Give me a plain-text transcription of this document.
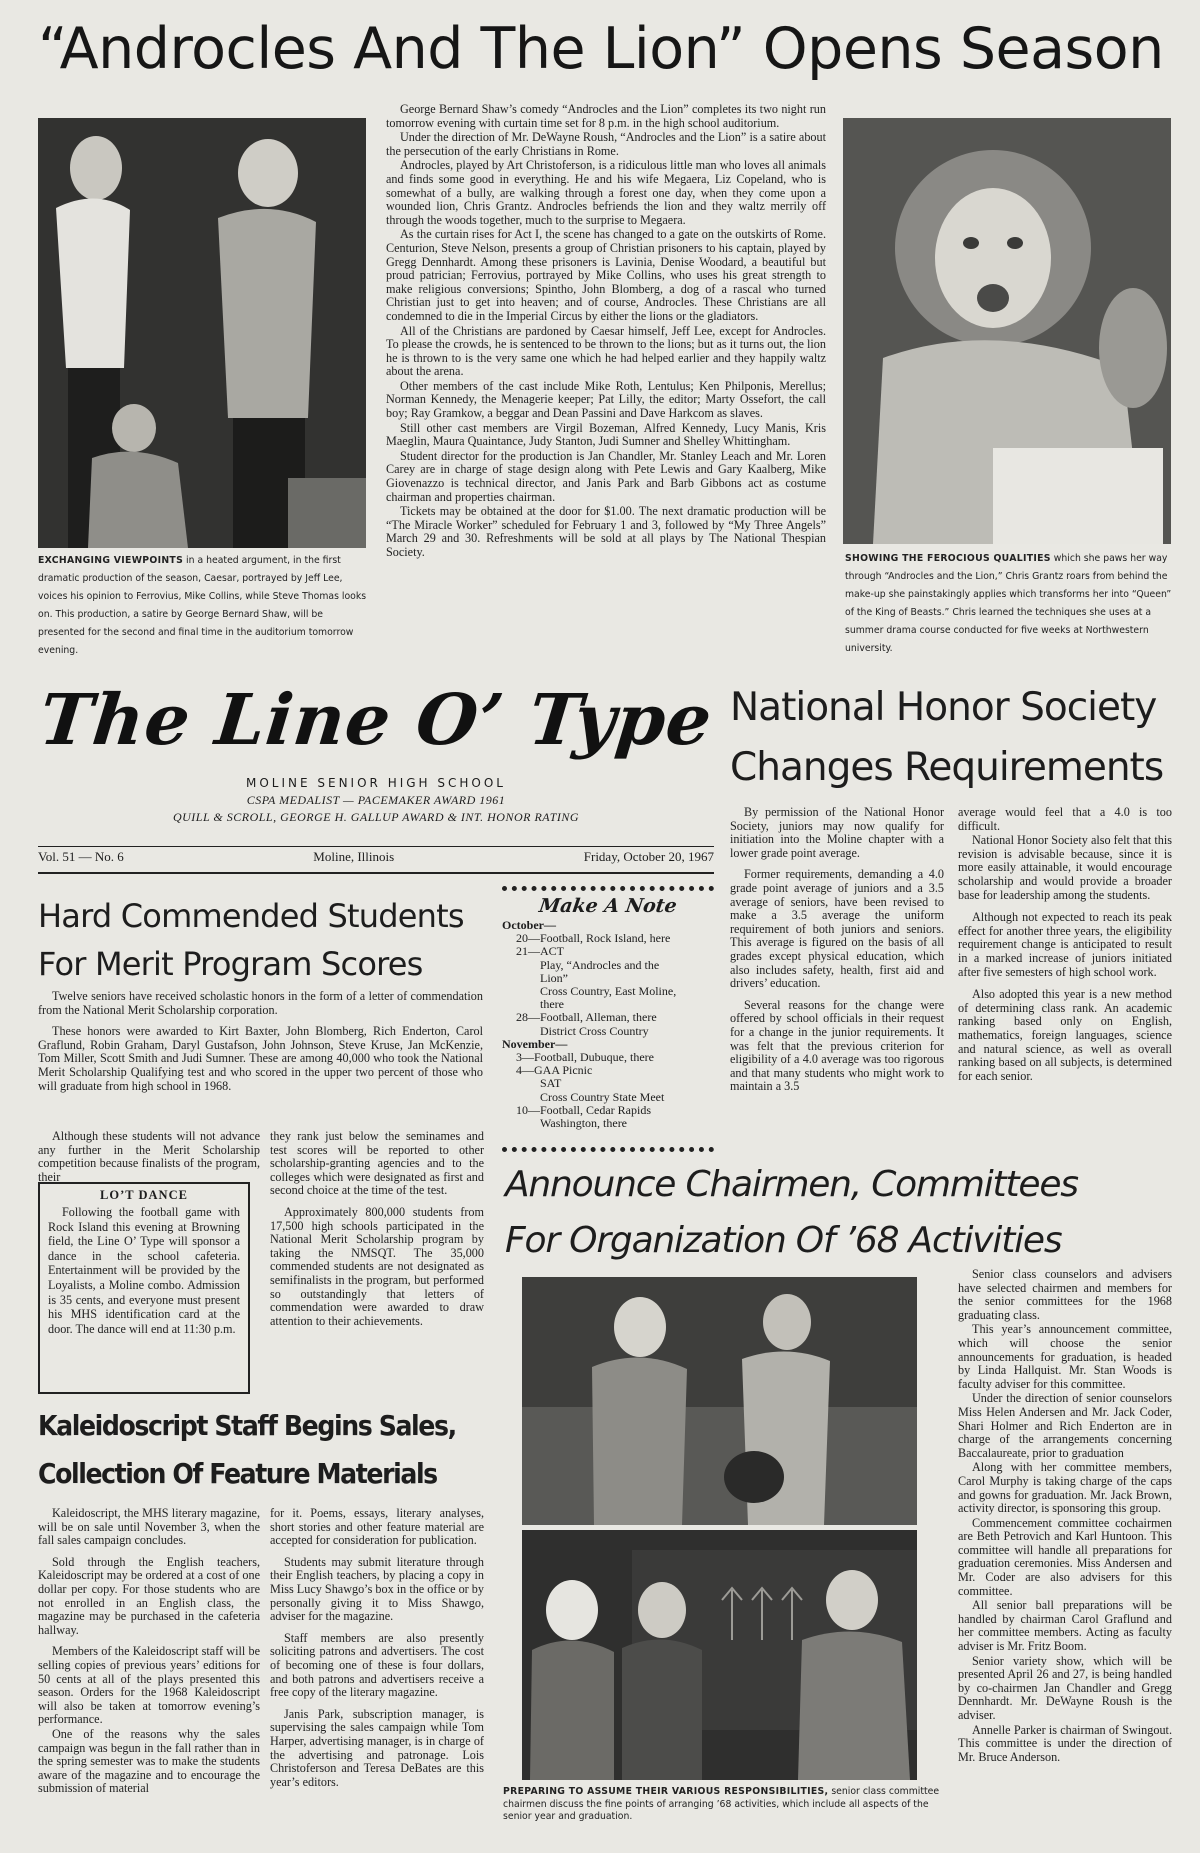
“Androcles And The Lion” Opens Season
EXCHANGING VIEWPOINTS in a heated argument, in the first dramatic production of the season, Caesar, portrayed by Jeff Lee, voices his opinion to Ferrovius, Mike Collins, while Steve Thomas looks on. This production, a satire by George Bernard Shaw, will be presented for the second and final time in the auditorium tomorrow evening.

George Bernard Shaw’s comedy “Androcles and the Lion” completes its two night run tomorrow evening with curtain time set for 8 p.m. in the high school auditorium.

Under the direction of Mr. DeWayne Roush, “Androcles and the Lion” is a satire about the persecution of the early Christians in Rome.

Androcles, played by Art Christoferson, is a ridiculous little man who loves all animals and finds some good in everything. He and his wife Megaera, Liz Copeland, who is somewhat of a bully, are walking through a forest one day, when they come upon a wounded lion, Chris Grantz. Androcles befriends the lion and they waltz merrily off through the woods together, much to the surprise to Megaera.

As the curtain rises for Act I, the scene has changed to a gate on the outskirts of Rome. Centurion, Steve Nelson, presents a group of Christian prisoners to his captain, played by Gregg Dennhardt. Among these prisoners is Lavinia, Denise Woodard, a beautiful but proud patrician; Ferrovius, portrayed by Mike Collins, who uses his great strength to make religious conversions; Spintho, John Blomberg, a dog of a rascal who turned Christian just to get into heaven; and of course, Androcles. These Christians are all condemned to die in the Imperial Circus by either the lions or the gladiators.

All of the Christians are pardoned by Caesar himself, Jeff Lee, except for Androcles. To please the crowds, he is sentenced to be thrown to the lions; but as it turns out, the lion he is thrown to is the very same one which he had helped earlier and they happily waltz about the arena.

Other members of the cast include Mike Roth, Lentulus; Ken Philponis, Merellus; Norman Kennedy, the Menagerie keeper; Pat Lilly, the editor; Marty Ossefort, the call boy; Ray Gramkow, a beggar and Dean Passini and Dave Harkcom as slaves.

Still other cast members are Virgil Bozeman, Alfred Kennedy, Lucy Manis, Kris Maeglin, Maura Quaintance, Judy Stanton, Judi Sumner and Shelley Whittingham.

Student director for the production is Jan Chandler, Mr. Stanley Leach and Mr. Loren Carey are in charge of stage design along with Pete Lewis and Gary Kaalberg, Mike Giovenazzo is technical director, and Janis Park and Barb Gibbons act as costume chairman and properties chairman.

Tickets may be obtained at the door for $1.00. The next dramatic production will be “The Miracle Worker” scheduled for February 1 and 3, followed by “My Three Angels” March 29 and 30. Refreshments will be sold at all plays by The National Thespian Society.	SHOWING THE FEROCIOUS QUALITIES which she paws her way through “Androcles and the Lion,” Chris Grantz roars from behind the make-up she painstakingly applies which transforms her into “Queen” of the King of Beasts.” Chris learned the techniques she uses at a summer drama course conducted for five weeks at Northwestern university.
The Line O’ Type
MOLINE SENIOR HIGH SCHOOL
CSPA MEDALIST — PACEMAKER AWARD 1961
QUILL & SCROLL, GEORGE H. GALLUP AWARD & INT. HONOR RATING
Vol. 51 — No. 6	Moline, Illinois	Friday, October 20, 1967
National Honor Society
Changes Requirements

By permission of the National Honor Society, juniors may now qualify for initiation into the Moline chapter with a lower grade point average.

Former requirements, demanding a 4.0 grade point average of juniors and a 3.5 average of seniors, have been revised to make a 3.5 average the uniform requirement of both juniors and seniors. This average is figured on the basis of all grades except physical education, which also includes safety, health, first aid and drivers’ education.

Several reasons for the change were offered by school officials in their request for a change in the junior requirements. It was felt that the previous criterion for eligibility of a 4.0 average was too rigorous and that many students who might work to maintain a 3.5

average would feel that a 4.0 is too difficult.

National Honor Society also felt that this revision is advisable because, since it is more easily attainable, it would encourage scholarship and would provide a broader base for leadership among the students.

Although not expected to reach its peak effect for another three years, the eligibility requirement change is anticipated to result in a marked increase of juniors initiated after five semesters of high school work.

Also adopted this year is a new method of determining class rank. An academic ranking based only on English, mathematics, foreign languages, science and natural science, as well as overall ranking based on all subjects, is determined for each senior.

Hard Commended Students
For Merit Program Scores

Twelve seniors have received scholastic honors in the form of a letter of commendation from the National Merit Scholarship corporation.

These honors were awarded to Kirt Baxter, John Blomberg, Rich Enderton, Carol Graflund, Robin Graham, Daryl Gustafson, John Johnson, Steve Kruse, Jan McKenzie, Tom Miller, Scott Smith and Judi Sumner. These are among 40,000 who took the National Merit Scholarship Qualifying test and who scored in the upper two percent of those who will graduate from high school in 1968.

Although these students will not advance any further in the Merit Scholarship competition because finalists of the program, their

they rank just below the seminames and test scores will be reported to other scholarship-granting agencies and to the colleges which were designated as first and second choice at the time of the test.

Approximately 800,000 students from 17,500 high schools participated in the National Merit Scholarship program by taking the NMSQT. The 35,000 commended students are not designated as semifinalists in the program, but performed so outstandingly that letters of commendation were awarded to draw attention to their achievements.

LO’T DANCE

Following the football game with Rock Island this evening at Browning field, the Line O’ Type will sponsor a dance in the school cafeteria. Entertainment will be provided by the Loyalists, a Moline combo. Admission is 35 cents, and everyone must present his MHS identification card at the door. The dance will end at 11:30 p.m.

Make A Note
October—
20—Football, Rock Island, here
21—ACT
Play, “Androcles and the
Lion”
Cross Country, East Moline,
there
28—Football, Alleman, there
District Cross Country
November—
3—Football, Dubuque, there
4—GAA Picnic
SAT
Cross Country State Meet
10—Football, Cedar Rapids
Washington, there
Kaleidoscript Staff Begins Sales,
Collection Of Feature Materials

Kaleidoscript, the MHS literary magazine, will be on sale until November 3, when the fall sales campaign concludes.

Sold through the English teachers, Kaleidoscript may be ordered at a cost of one dollar per copy. For those students who are not enrolled in an English class, the magazine may be purchased in the cafeteria hallway.

Members of the Kaleidoscript staff will be selling copies of previous years’ editions for 50 cents at all of the plays presented this season. Orders for the 1968 Kaleidoscript will also be taken at tomorrow evening’s performance.

One of the reasons why the sales campaign was begun in the fall rather than in the spring semester was to make the students aware of the magazine and to encourage the submission of material

for it. Poems, essays, literary analyses, short stories and other feature material are accepted for consideration for publication.

Students may submit literature through their English teachers, by placing a copy in Miss Lucy Shawgo’s box in the office or by personally giving it to Miss Shawgo, adviser for the magazine.

Staff members are also presently soliciting patrons and advertisers. The cost of becoming one of these is four dollars, and both patrons and advertisers receive a free copy of the literary magazine.

Janis Park, subscription manager, is supervising the sales campaign while Tom Harper, advertising manager, is in charge of the advertising and patronage. Lois Christoferson and Teresa DeBates are this year’s editors.

Announce Chairmen, Committees
For Organization Of ’68 Activities
PREPARING TO ASSUME THEIR VARIOUS RESPONSIBILITIES, senior class committee chairmen discuss the fine points of arranging ’68 activities, which include all aspects of the senior year and graduation.

Senior class counselors and advisers have selected chairmen and members for the senior committees for the 1968 graduating class.

This year’s announcement committee, which will choose the senior announcements for graduation, is headed by Linda Hallquist. Mr. Stan Woods is faculty adviser for this committee.

Under the direction of senior counselors Miss Helen Andersen and Mr. Jack Coder, Shari Holmer and Rich Enderton are in charge of the arrangements concerning Baccalaureate, prior to graduation

Along with her committee members, Carol Murphy is taking charge of the caps and gowns for graduation. Mr. Jack Brown, activity director, is sponsoring this group.

Commencement committee cochairmen are Beth Petrovich and Karl Huntoon. This committee will handle all preparations for graduation ceremonies. Miss Andersen and Mr. Coder are also advisers for this committee.

All senior ball preparations will be handled by chairman Carol Graflund and her committee members. Acting as faculty adviser is Mr. Fritz Boom.

Senior variety show, which will be presented April 26 and 27, is being handled by co-chairmen Jan Chandler and Gregg Dennhardt. Mr. DeWayne Roush is the adviser.

Annelle Parker is chairman of Swingout. This committee is under the direction of Mr. Bruce Anderson.
